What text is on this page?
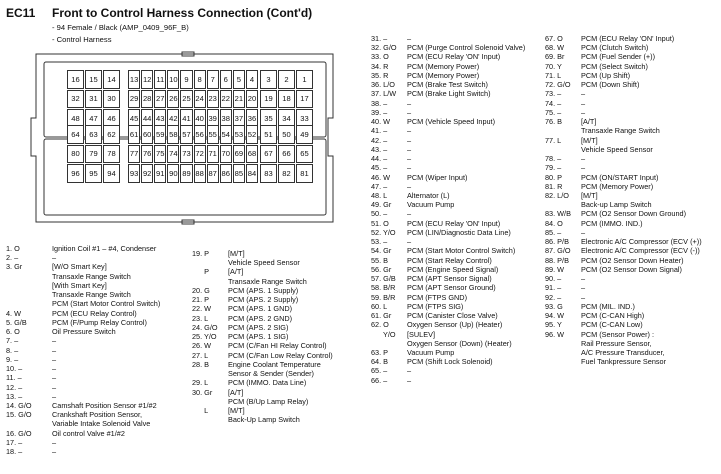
EC11 Front to Control Harness Connection (Cont'd)
- 94 Female / Black (AMP_0409_96F_B)
- Control Harness
16	15	14	13 12 11 10 9	8	7	6	5	4	3	2	1
32	31	30	29 28 27 26 25 24 23 22 21 20	19	18	17
48	47	46	45 44 43 42 41 40 39 38 37 36	35	34	33
64	63	62	61 60 59 58 57 56 55 54 53 52	51	50	49
80	79	78	77 76 75 74 73 72 71 70 69 68	67	66	65
96	95	94	93 92 91 90 89 88 87 86 85 84	83	82	81
1. O	Ignition Coil #1 – #4, Condenser
2. –	–
3. Gr	[W/O Smart Key]
Transaxle Range Switch
[With Smart Key]
Transaxle Range Switch
PCM (Start Motor Control Switch)
4. W	PCM (ECU Relay Control)
5. G/B	PCM (F/Pump Relay Control)
6. O	Oil Pressure Switch
7. –	–
8. –	–
9. –	–
10. –	–
11. –	–
12. –	–
13. –	–
14. G/O	Camshaft Position Sensor #1/#2
15. G/O	Crankshaft Position Sensor,
Variable Intake Solenoid Valve
16. G/O	Oil control Valve #1/#2
17. –	–
18. –	–
19. P	[M/T]
Vehicle Speed Sensor
P	[A/T]
Transaxle Range Switch
20. G PCM (APS. 1 Supply)
21. P	PCM (APS. 2 Supply)
22. W PCM (APS. 1 GND)
23. L	PCM (APS. 2 GND)
24. G/O PCM (APS. 2 SIG)
25. Y/O PCM (APS. 1 SIG)
26. W PCM (C/Fan HI Relay Control)
27. L	PCM (C/Fan Low Relay Control)
28. B	Engine Coolant Temperature
Sensor & Sender (Sender)
29. L	PCM (IMMO. Data Line)
30. Gr [A/T]
PCM (B/Up Lamp Relay)
L	[M/T]
Back-Up Lamp Switch
31. –	–
32. G/O PCM (Purge Control Solenoid Valve)
33. O PCM (ECU Relay 'ON' Input)
34. R	PCM (Memory Power)
35. R	PCM (Memory Power)
36. L/O PCM (Brake Test Switch)
37. L/W PCM (Brake Light Switch)
38. –	–
39. –	–
40. W PCM (Vehicle Speed Input)
41. –	–
42. –	–
43. –	–
44. –	–
45. –	–
46. W PCM (Wiper Input)
47. –	–
48. L	Alternator (L)
49. Gr Vacuum Pump
50. –	–
51. O PCM (ECU Relay 'ON' Input)
52. Y/O PCM (LIN/Diagnostic Data Line)
53. –	–
54. Gr PCM (Start Motor Control Switch)
55. B	PCM (Start Relay Control)
56. Gr PCM (Engine Speed Signal)
57. G/B PCM (APT Sensor Signal)
58. B/R PCM (APT Sensor Ground)
59. B/R PCM (FTPS GND)
60. L	PCM (FTPS SIG)
61. Gr PCM (Canister Close Valve)
62. O Oxygen Sensor (Up) (Heater)
Y/O [SULEV]
Oxygen Sensor (Down) (Heater)
63. P	Vacuum Pump
64. B	PCM (Shift Lock Solenoid)
65. –	–
66. –	–
67. O PCM (ECU Relay 'ON' Input)
68. W PCM (Clutch Switch)
69. Br PCM (Fuel Sender (+))
70. Y	PCM (Select Switch)
71. L	PCM (Up Shift)
72. G/O PCM (Down Shift)
73. –	–
74. –	–
75. –	–
76. B	[A/T]
Transaxle Range Switch
77. L	[M/T]
Vehicle Speed Sensor
78. –	–
79. –	–
80. P	PCM (ON/START Input)
81. R	PCM (Memory Power)
82. L/O [M/T]
Back-up Lamp Switch
83. W/B PCM (O2 Sensor Down Ground)
84. O PCM (IMMO. IND.)
85. –	–
86. P/B Electronic A/C Compressor (ECV (+))
87. G/O Electronic A/C Compressor (ECV (-))
88. P/B PCM (O2 Sensor Down Heater)
89. W PCM (O2 Sensor Down Signal)
90. –	–
91. –	–
92. –	–
93. G PCM (MIL. IND.)
94. W PCM (C-CAN High)
95. Y	PCM (C-CAN Low)
96. W PCM (Sensor Power) :
Rail Pressure Sensor,
A/C Pressure Transducer,
Fuel Tankpressure Sensor
